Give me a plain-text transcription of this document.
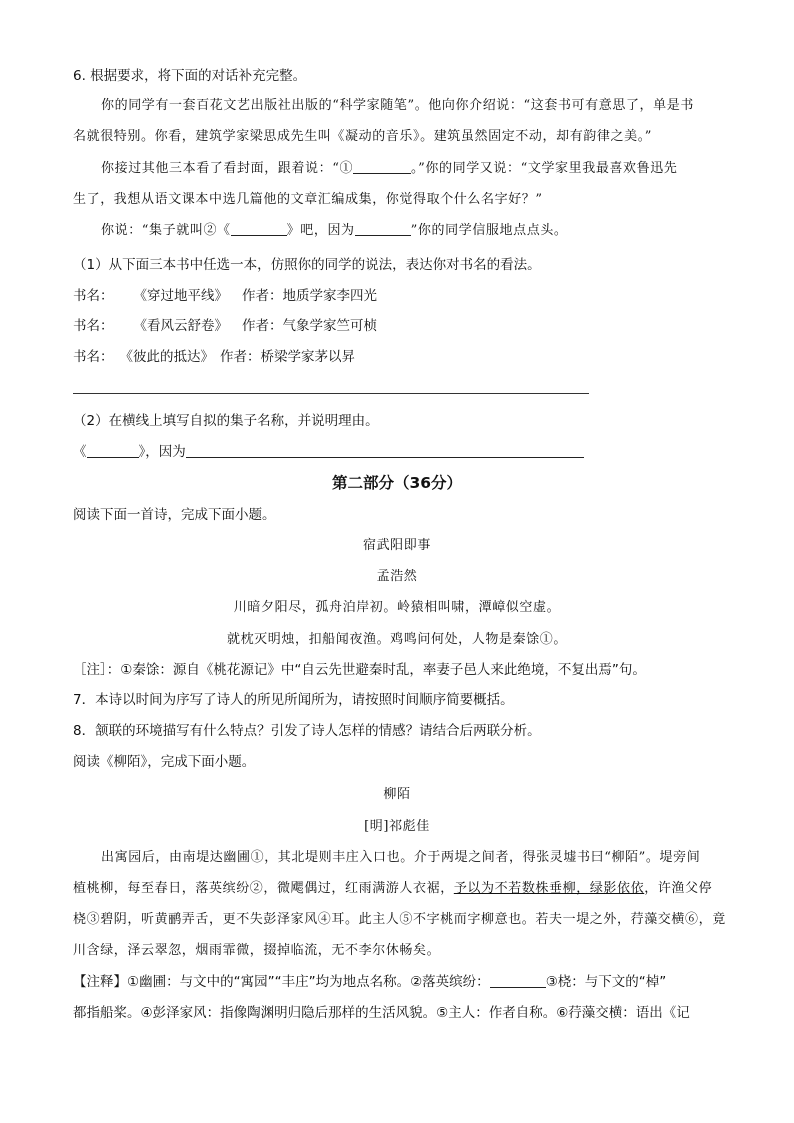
6. 根据要求，将下面的对话补充完整。
你的同学有一套百花文艺出版社出版的“科学家随笔”。他向你介绍说：“这套书可有意思了，单是书
名就很特别。你看，建筑学家梁思成先生叫《凝动的音乐》。建筑虽然固定不动，却有韵律之美。”
你接过其他三本看了看封面，跟着说：“①	。”你的同学又说：“文学家里我最喜欢鲁迅先
生了，我想从语文课本中选几篇他的文章汇编成集，你觉得取个什么名字好？”
你说：“集子就叫②《	》吧，因为	”你的同学信服地点点头。
（1）从下面三本书中任选一本，仿照你的同学的说法，表达你对书名的看法。
书名： 《穿过地平线》 作者：地质学家李四光
书名： 《看风云舒卷》 作者：气象学家竺可桢
书名： 《彼此的抵达》 作者：桥梁学家茅以昇
（2）在横线上填写自拟的集子名称，并说明理由。
《	》，因为
第二部分（36分）
阅读下面一首诗，完成下面小题。
宿武阳即事
孟浩然
川暗夕阳尽，孤舟泊岸初。岭猿相叫啸，潭嶂似空虚。
就枕灭明烛，扣船闻夜渔。鸡鸣问何处，人物是秦馀①。
［注］：①秦馀：源自《桃花源记》中“自云先世避秦时乱，率妻子邑人来此绝境，不复出焉”句。
7．本诗以时间为序写了诗人的所见所闻所为，请按照时间顺序简要概括。
8．颔联的环境描写有什么特点？引发了诗人怎样的情感？请结合后两联分析。
阅读《柳陌》，完成下面小题。
柳陌
[明]祁彪佳
出寓园后，由南堤达幽圃①，其北堤则丰庄入口也。介于两堤之间者，得张灵墟书曰“柳陌”。堤旁间
植桃柳，每至春日，落英缤纷②，微飔偶过，红雨满游人衣裾，予以为不若数株垂柳，绿影依依，许渔父停
桡③碧阴，听黄鹂弄舌，更不失彭泽家风④耳。此主人⑤不字桃而字柳意也。若夫一堤之外，荇藻交横⑥，竟
川含绿，泽云翠忽，烟雨霏微，掇掉临流，无不李尔休畅矣。
【注释】①幽圃：与文中的“寓园”“丰庄”均为地点名称。②落英缤纷：	③桡：与下文的“棹”
都指船桨。④彭泽家风：指像陶渊明归隐后那样的生活风貌。⑤主人：作者自称。⑥荇藻交横：语出《记
